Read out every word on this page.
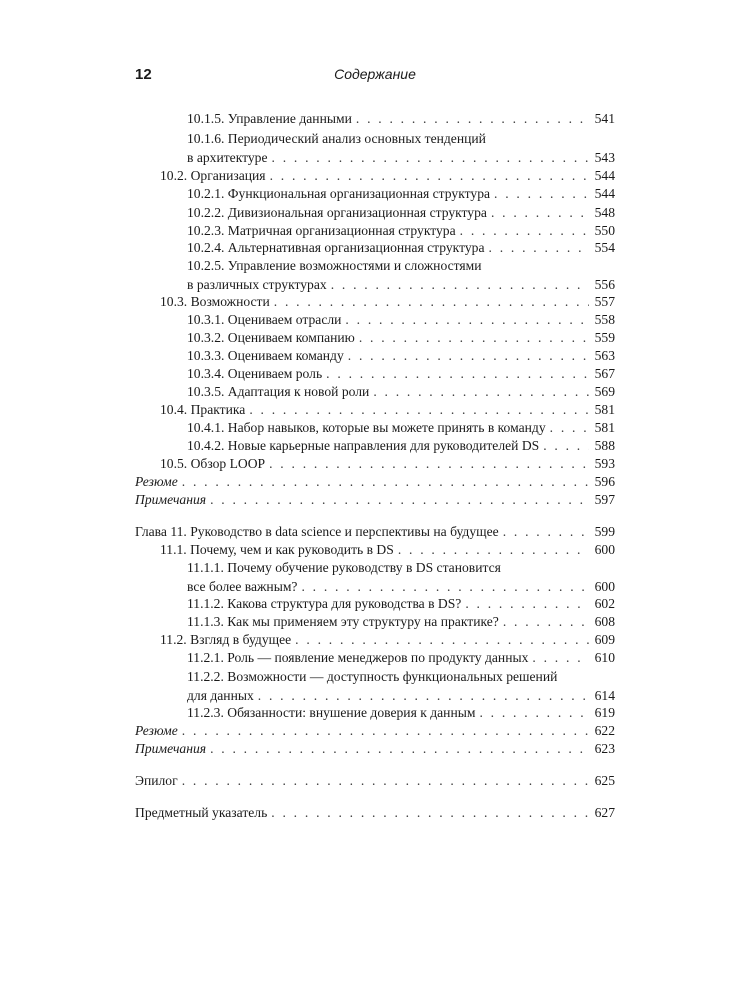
12	Содержание
10.1.5. Управление данными . . .	541
10.1.6. Периодический анализ основных тенденций
в архитектуре . . .	543
10.2. Организация . . .	544
10.2.1. Функциональная организационная структура . . .	544
10.2.2. Дивизиональная организационная структура . . .	548
10.2.3. Матричная организационная структура . . .	550
10.2.4. Альтернативная организационная структура . . .	554
10.2.5. Управление возможностями и сложностями
в различных структурах . . .	556
10.3. Возможности . . .	557
10.3.1. Оцениваем отрасли . . .	558
10.3.2. Оцениваем компанию . . .	559
10.3.3. Оцениваем команду . . .	563
10.3.4. Оцениваем роль . . .	567
10.3.5. Адаптация к новой роли . . .	569
10.4. Практика . . .	581
10.4.1. Набор навыков, которые вы можете принять в команду . . .	581
10.4.2. Новые карьерные направления для руководителей DS . . .	588
10.5. Обзор LOOP . . .	593
Резюме . . .	596
Примечания . . .	597
Глава 11. Руководство в data science и перспективы на будущее . . .	599
11.1. Почему, чем и как руководить в DS . . .	600
11.1.1. Почему обучение руководству в DS становится
все более важным? . . .	600
11.1.2. Какова структура для руководства в DS? . . .	602
11.1.3. Как мы применяем эту структуру на практике? . . .	608
11.2. Взгляд в будущее . . .	609
11.2.1. Роль — появление менеджеров по продукту данных . . .	610
11.2.2. Возможности — доступность функциональных решений
для данных . . .	614
11.2.3. Обязанности: внушение доверия к данным . . .	619
Резюме . . .	622
Примечания . . .	623
Эпилог . . .	625
Предметный указатель . . .	627
